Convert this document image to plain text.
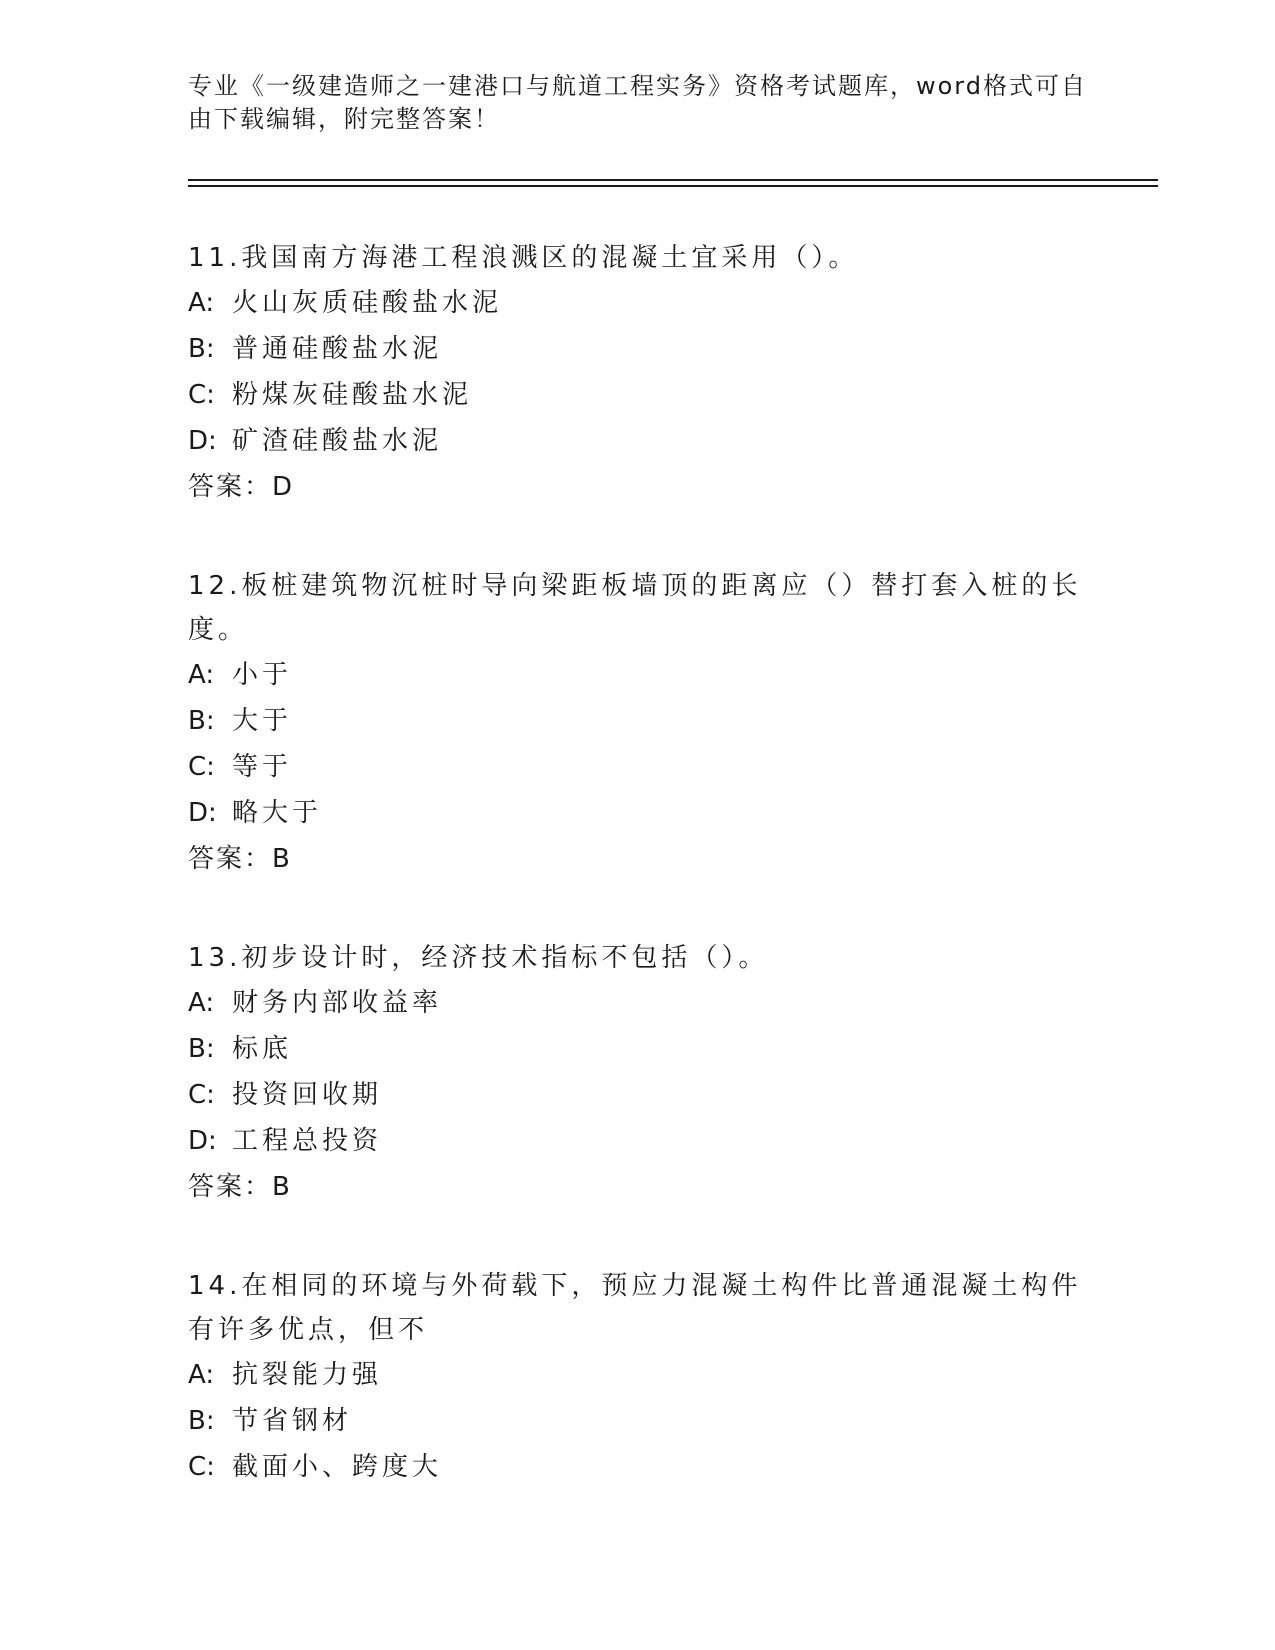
专业《一级建造师之一建港口与航道工程实务》资格考试题库，word格式可自由下载编辑，附完整答案！

11.我国南方海港工程浪溅区的混凝土宜采用（）。

A: 火山灰质硅酸盐水泥

B: 普通硅酸盐水泥

C: 粉煤灰硅酸盐水泥

D: 矿渣硅酸盐水泥

答案：D

12.板桩建筑物沉桩时导向梁距板墙顶的距离应（）替打套入桩的长度。

A: 小于

B: 大于

C: 等于

D: 略大于

答案：B

13.初步设计时，经济技术指标不包括（）。

A: 财务内部收益率

B: 标底

C: 投资回收期

D: 工程总投资

答案：B

14.在相同的环境与外荷载下，预应力混凝土构件比普通混凝土构件有许多优点，但不

A: 抗裂能力强

B: 节省钢材

C: 截面小、跨度大
